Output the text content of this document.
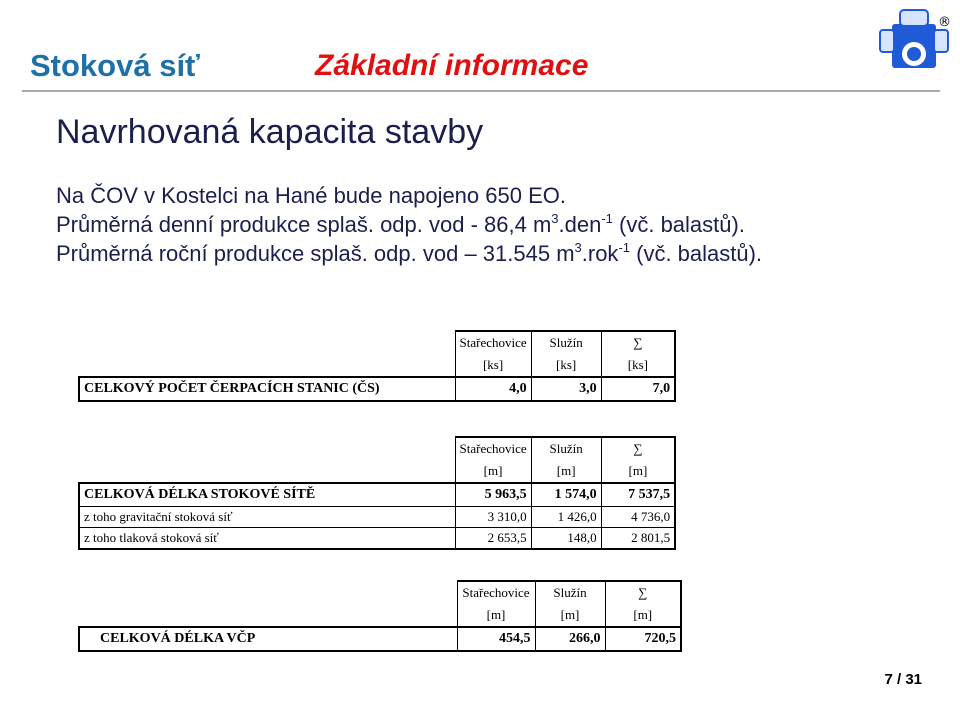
Stoková síť	Základní informace
®
Navrhovaná kapacita stavby
Na ČOV v Kostelci na Hané bude napojeno 650 EO.
Průměrná denní produkce splaš. odp. vod - 86,4 $m^3.den^{-1}$ (vč. balastů).
Průměrná roční produkce splaš. odp. vod – 31.545 $m^3.rok^{-1}$ (vč. balastů).
	Stařechovice	Služín	∑
	[ks]	[ks]	[ks]
CELKOVÝ POČET ČERPACÍCH STANIC (ČS)	4,0	3,0	7,0
	Stařechovice	Služín	∑
	[m]	[m]	[m]
CELKOVÁ DÉLKA STOKOVÉ SÍTĚ	5 963,5	1 574,0	7 537,5
z toho gravitační stoková síť	3 310,0	1 426,0	4 736,0
z toho tlaková stoková síť	2 653,5	148,0	2 801,5
	Stařechovice	Služín	∑
	[m]	[m]	[m]
CELKOVÁ DÉLKA VČP	454,5	266,0	720,5
7 / 31
